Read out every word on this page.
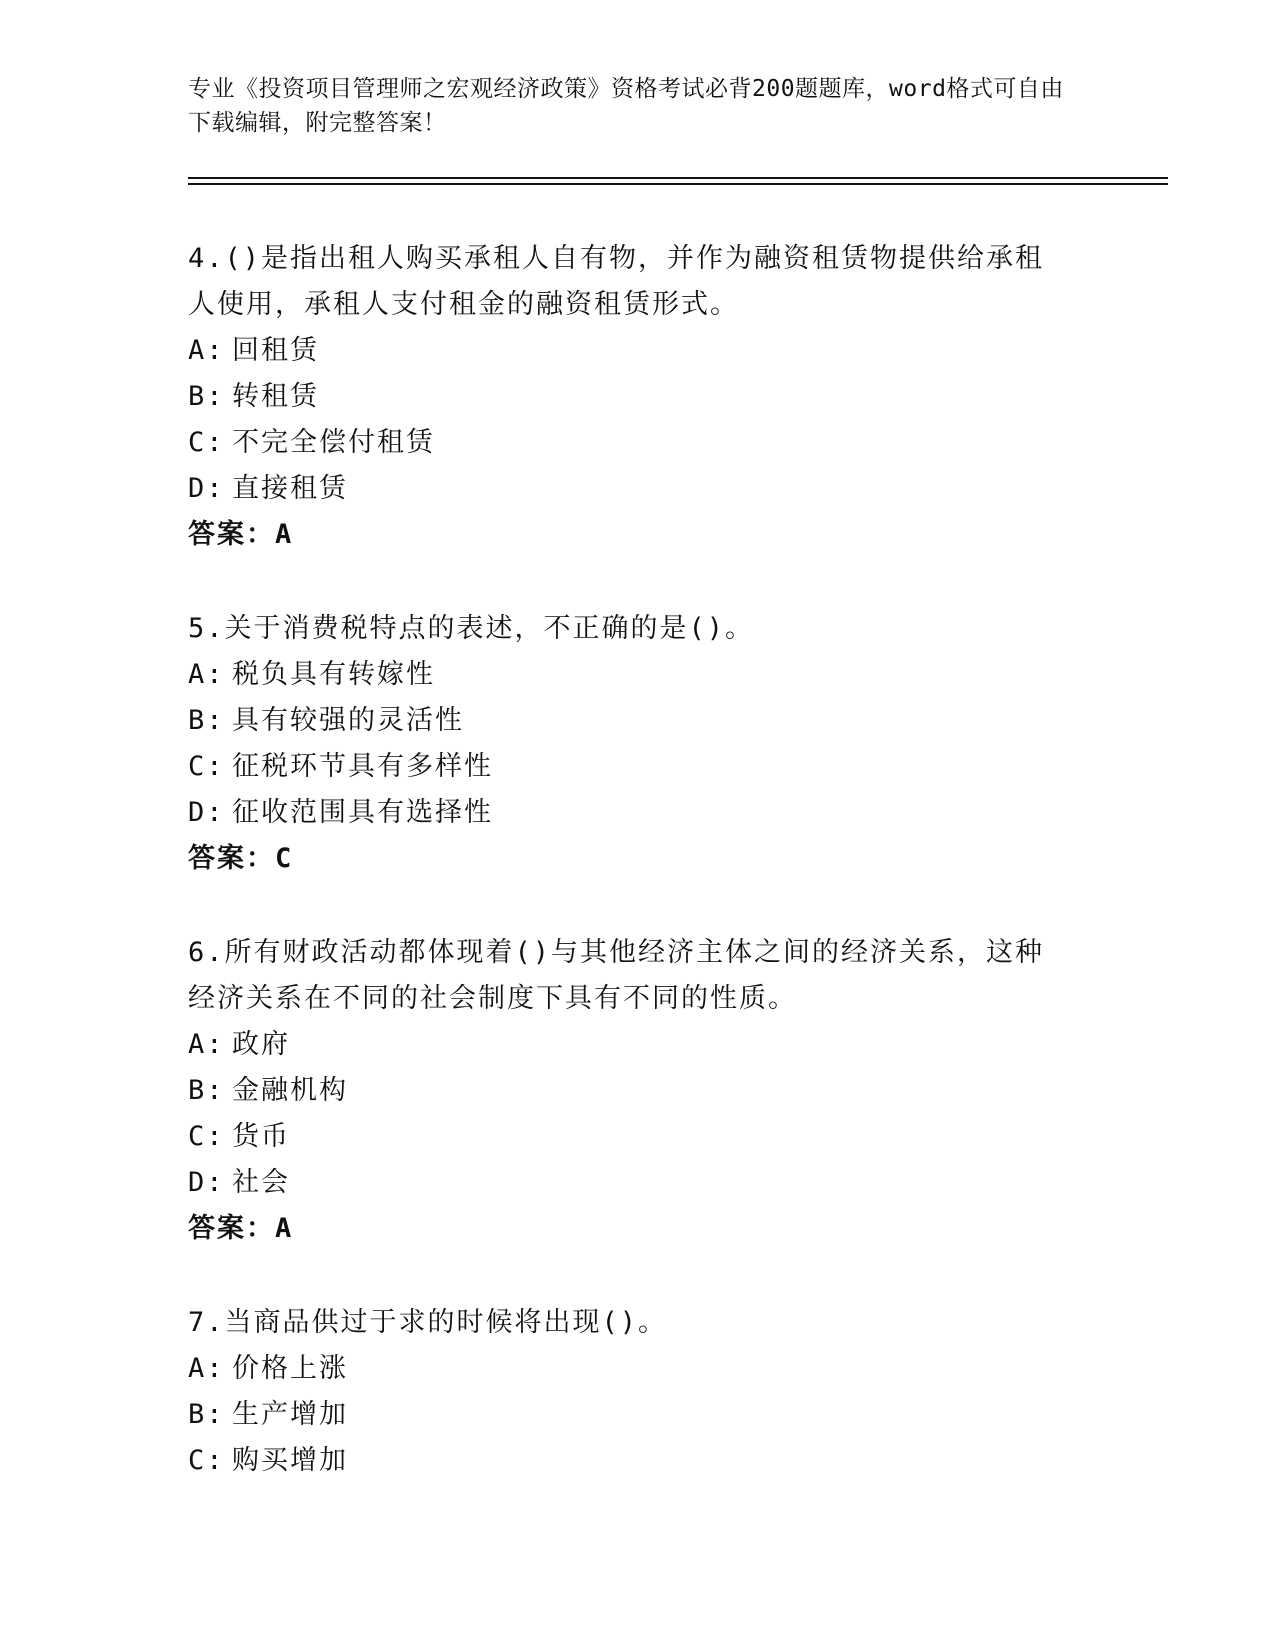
专业《投资项目管理师之宏观经济政策》资格考试必背200题题库，word格式可自由下载编辑，附完整答案！

4.()是指出租人购买承租人自有物，并作为融资租赁物提供给承租人使用，承租人支付租金的融资租赁形式。

A: 回租赁

B: 转租赁

C: 不完全偿付租赁

D: 直接租赁

答案：A

5.关于消费税特点的表述，不正确的是()。

A: 税负具有转嫁性

B: 具有较强的灵活性

C: 征税环节具有多样性

D: 征收范围具有选择性

答案：C

6.所有财政活动都体现着()与其他经济主体之间的经济关系，这种经济关系在不同的社会制度下具有不同的性质。

A: 政府

B: 金融机构

C: 货币

D: 社会

答案：A

7.当商品供过于求的时候将出现()。

A: 价格上涨

B: 生产增加

C: 购买增加
